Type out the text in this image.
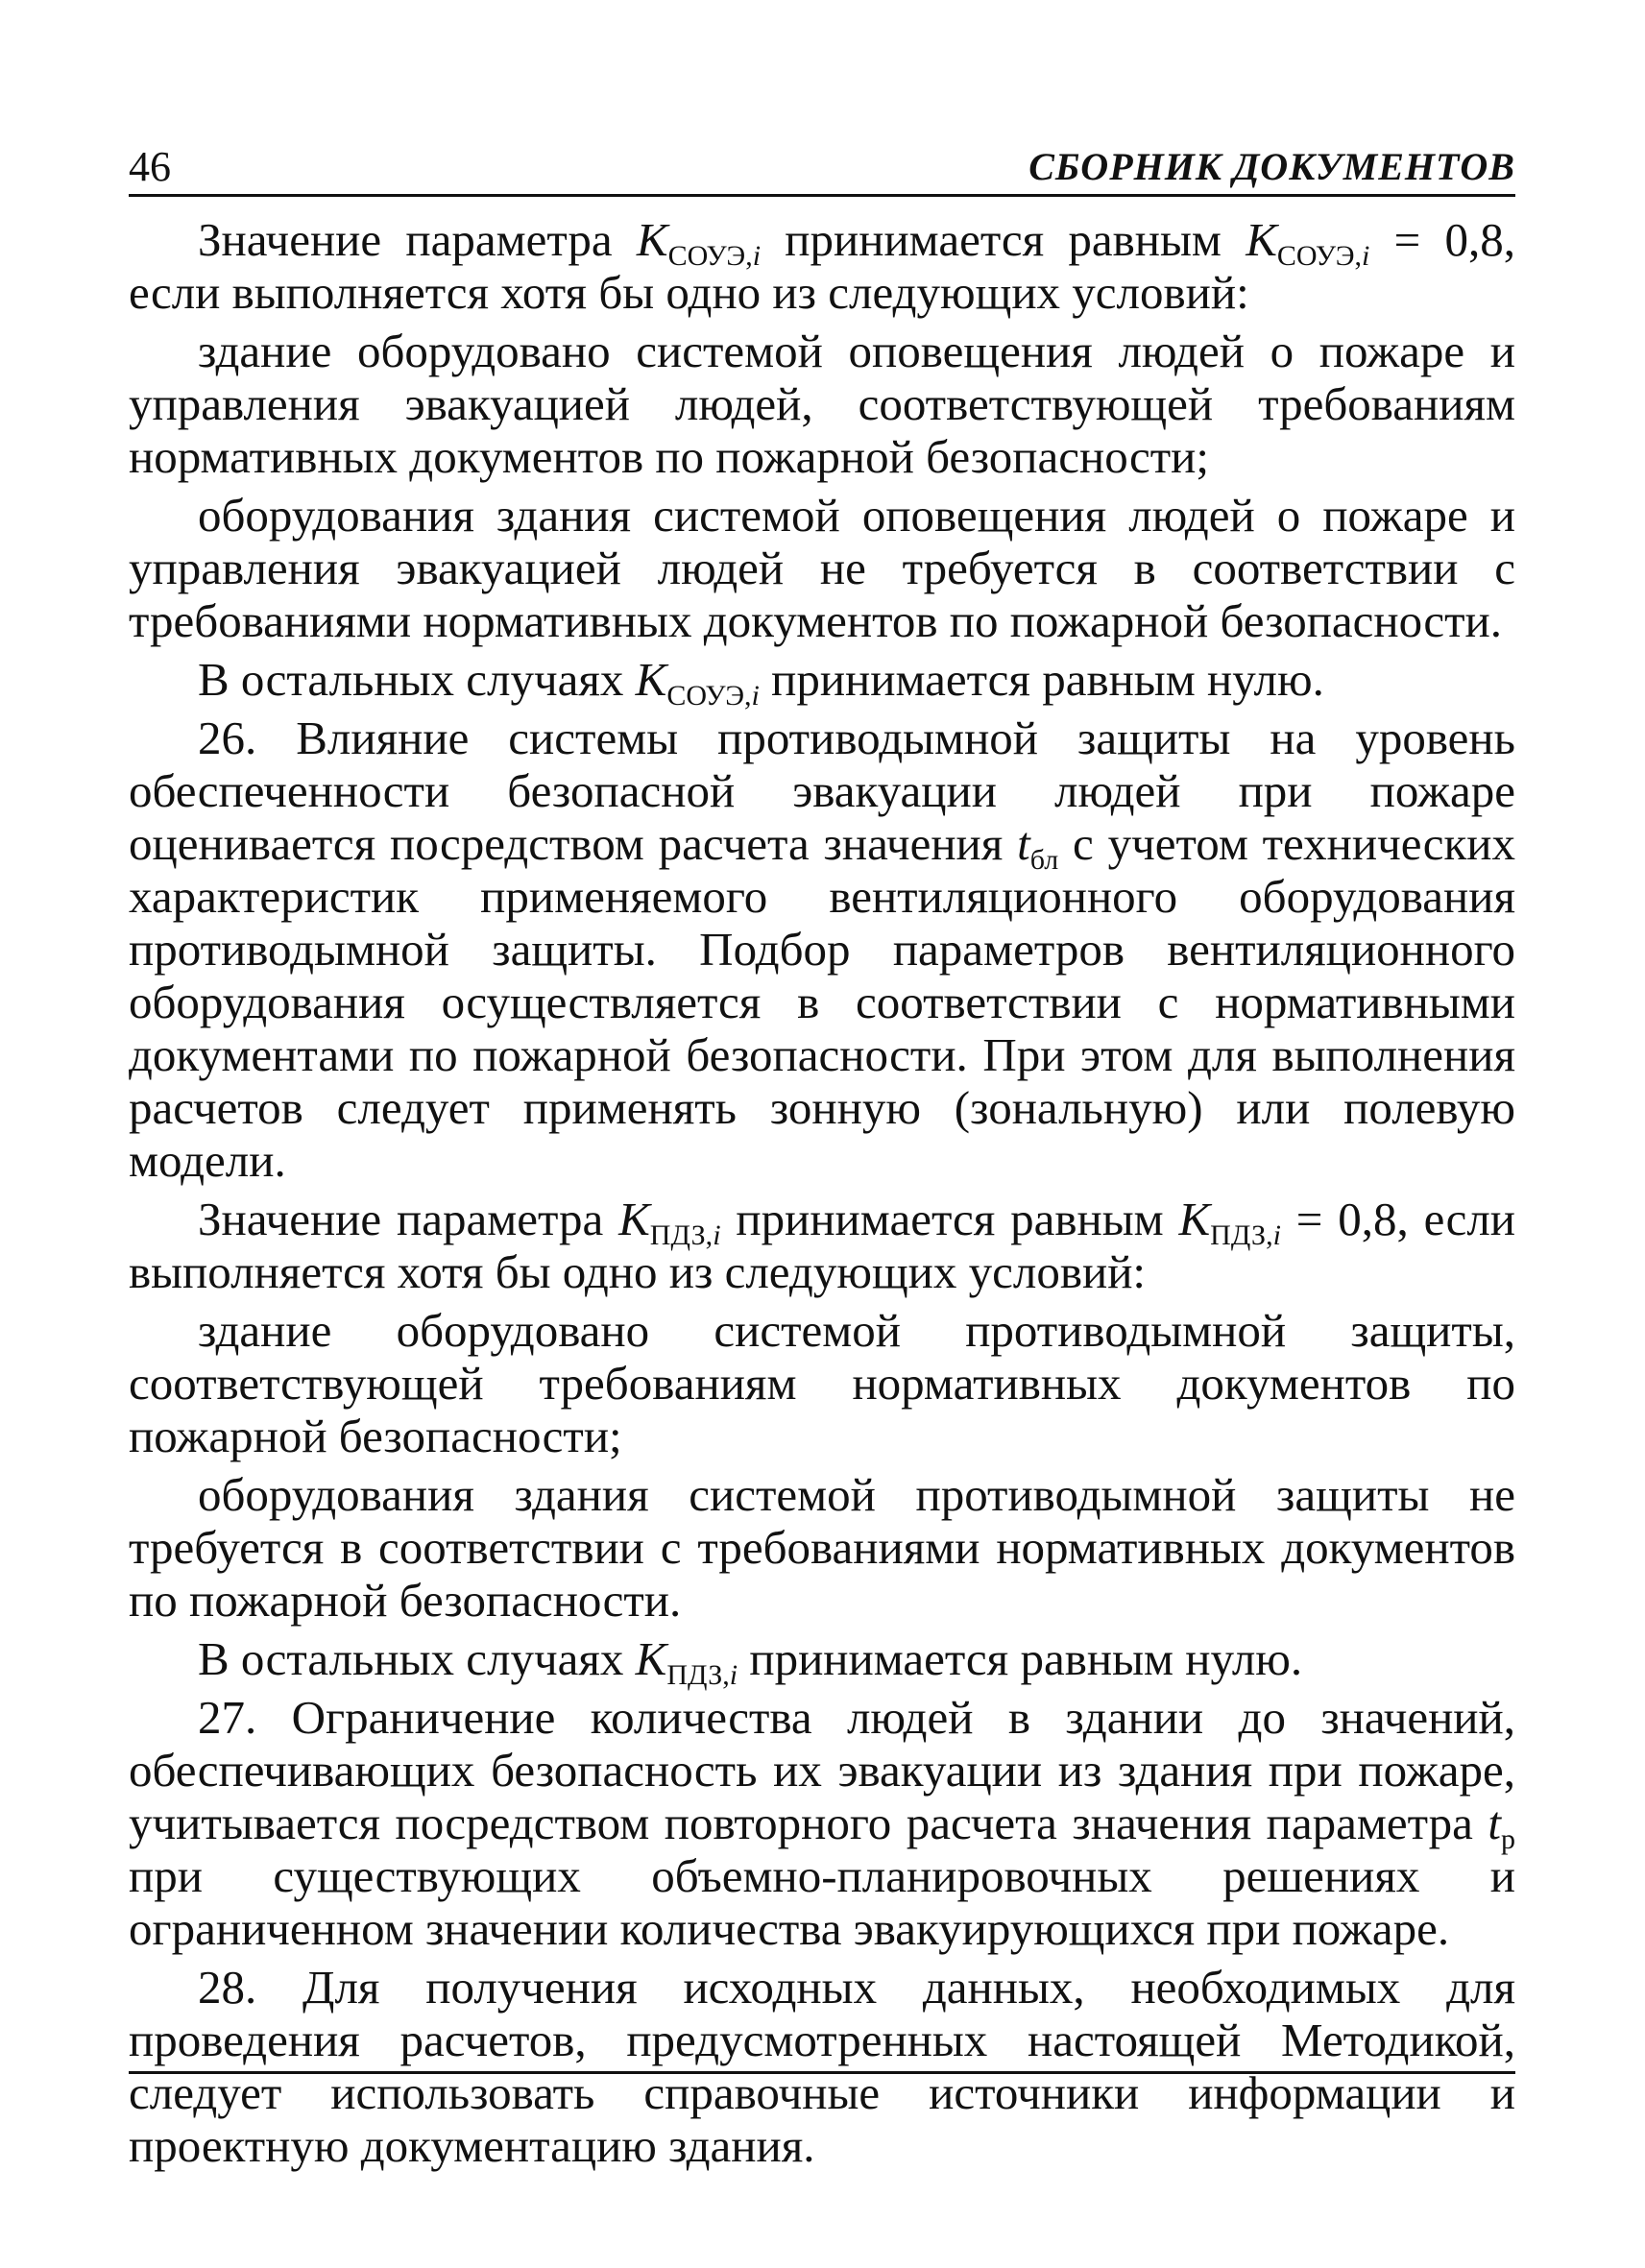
46	СБОРНИК ДОКУМЕНТОВ

Значение параметра $K_{СОУЭ,i}$ принимается равным $K_{СОУЭ,i} = 0,8$, если выполняется хотя бы одно из следующих условий:

здание оборудовано системой оповещения людей о пожаре и управления эвакуацией людей, соответствующей требованиям нормативных документов по пожарной безопасности;

оборудования здания системой оповещения людей о пожаре и управления эвакуацией людей не требуется в соответствии с требованиями нормативных документов по пожарной безопасности.

В остальных случаях $K_{СОУЭ,i}$ принимается равным нулю.

26. Влияние системы противодымной защиты на уровень обеспеченности безопасной эвакуации людей при пожаре оценивается посредством расчета значения $t_{бл}$ с учетом технических характеристик применяемого вентиляционного оборудования противодымной защиты. Подбор параметров вентиляционного оборудования осуществляется в соответствии с нормативными документами по пожарной безопасности. При этом для выполнения расчетов следует применять зонную (зональную) или полевую модели.

Значение параметра $K_{ПДЗ,i}$ принимается равным $K_{ПДЗ,i} = 0,8$, если выполняется хотя бы одно из следующих условий:

здание оборудовано системой противодымной защиты, соответствующей требованиям нормативных документов по пожарной безопасности;

оборудования здания системой противодымной защиты не требуется в соответствии с требованиями нормативных документов по пожарной безопасности.

В остальных случаях $K_{ПДЗ,i}$ принимается равным нулю.

27. Ограничение количества людей в здании до значений, обеспечивающих безопасность их эвакуации из здания при пожаре, учитывается посредством повторного расчета значения параметра $t_р$ при существующих объемно-планировочных решениях и ограниченном значении количества эвакуирующихся при пожаре.

28. Для получения исходных данных, необходимых для проведения расчетов, предусмотренных настоящей Методикой, следует использовать справочные источники информации и проектную документацию здания.
